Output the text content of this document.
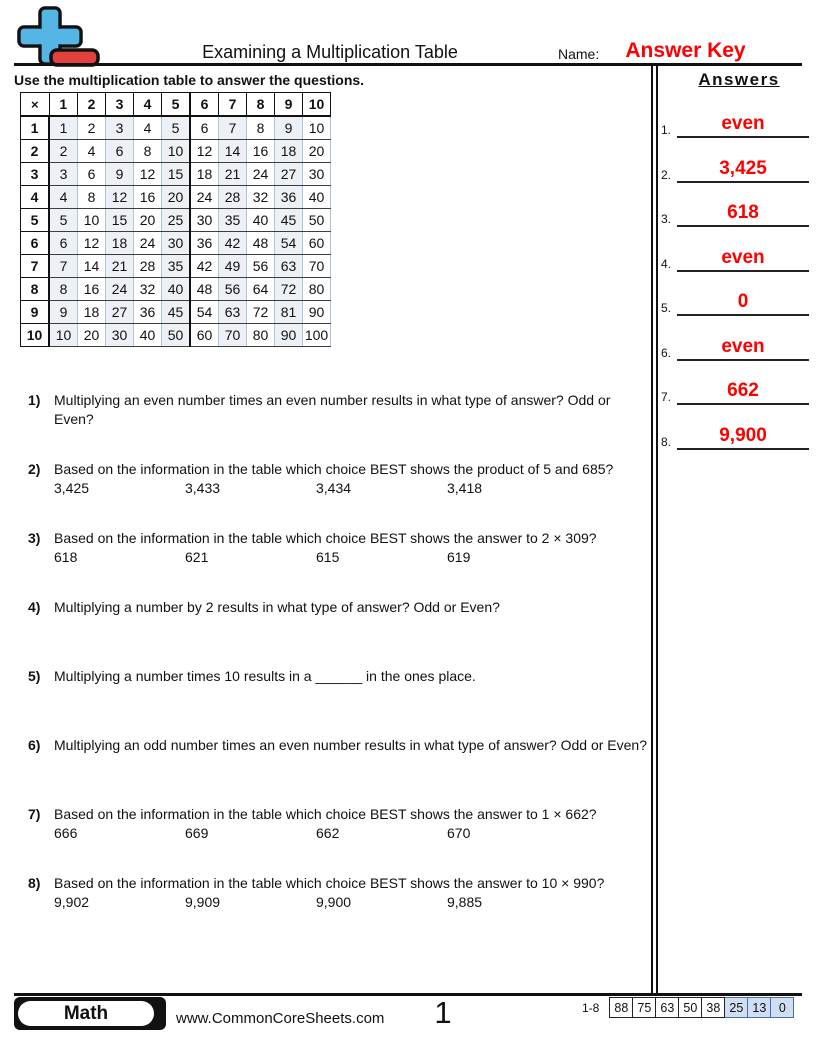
Examining a Multiplication Table	Name:	Answer Key
Use the multiplication table to answer the questions.
×	1	2	3	4	5	6	7	8	9	10
1	1	2	3	4	5	6	7	8	9	10
2	2	4	6	8	10	12	14	16	18	20
3	3	6	9	12	15	18	21	24	27	30
4	4	8	12	16	20	24	28	32	36	40
5	5	10	15	20	25	30	35	40	45	50
6	6	12	18	24	30	36	42	48	54	60
7	7	14	21	28	35	42	49	56	63	70
8	8	16	24	32	40	48	56	64	72	80
9	9	18	27	36	45	54	63	72	81	90
10	10	20	30	40	50	60	70	80	90	100
1) Multiplying an even number times an even number results in what type of answer? Odd or Even?
2) Based on the information in the table which choice BEST shows the product of 5 and 685?
3,425	3,433	3,434	3,418
3) Based on the information in the table which choice BEST shows the answer to 2 × 309?
618	621	615	619
4) Multiplying a number by 2 results in what type of answer? Odd or Even?
5) Multiplying a number times 10 results in a ______ in the ones place.
6) Multiplying an odd number times an even number results in what type of answer? Odd or Even?
7) Based on the information in the table which choice BEST shows the answer to 1 × 662?
666	669	662	670
8) Based on the information in the table which choice BEST shows the answer to 10 × 990?
9,902	9,909	9,900	9,885
Answers
1.	even
2.	3,425
3.	618
4.	even
5.	0
6.	even
7.	662
8.	9,900
Math	www.CommonCoreSheets.com	1	1-8	88 75 63 50 38 25 13	0
